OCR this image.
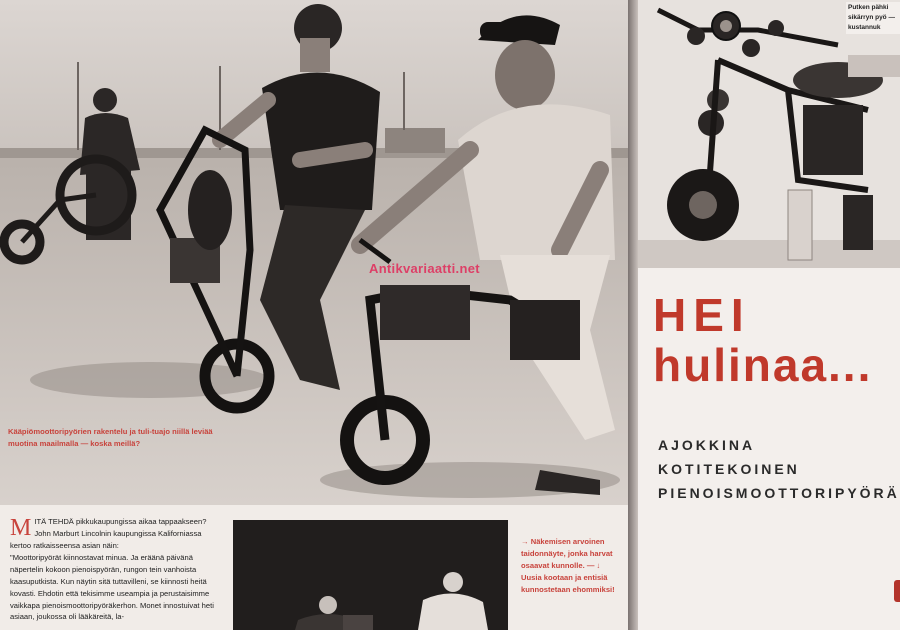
Antikvariaatti.net
Kääpiömoottoripyörien rakentelu ja tuli-tuajo niillä leviää muotina maailmalla — koska meillä?
M ITÄ TEHDÄ pikkukaupungissa aikaa tappaakseen? John Marburt Lincolnin kaupungissa Kaliforniassa kertoo ratkaisseensa asian näin:

"Moottoripyörät kiinnostavat minua. Ja eräänä päivänä näpertelin kokoon pienoispyörän, rungon tein vanhoista kaasuputkista. Kun näytin sitä tuttavilleni, se kiinnosti heitä kovasti. Ehdotin että tekisimme useampia ja perustaisimme vaikkapa pienoismoottoripyöräkerhon. Monet innostuivat heti asiaan, joukossa oli lääkäreitä, la-

→ Näkemisen arvoinen taidonnäyte, jonka harvat osaavat kunnolle. — ↓ Uusia kootaan ja entisiä kunnostetaan ehommiksi!
Putken pähki sikärryn pyö — kustannuk
HEI
hulinaa...
AJOKKINA KOTITEKOINEN PIENOISMOOTTORIPYÖRÄ
